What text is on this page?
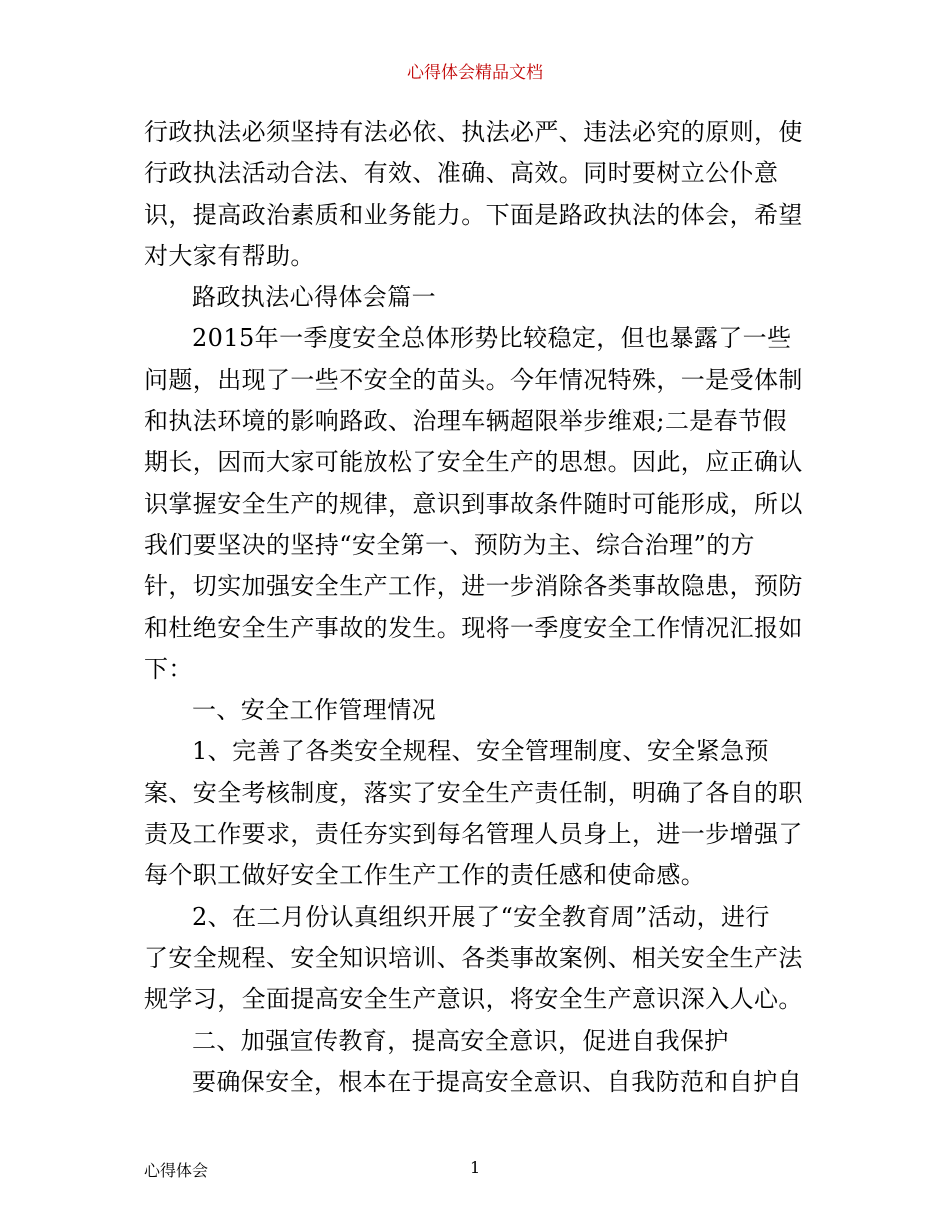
心得体会精品文档
行政执法必须坚持有法必依、执法必严、违法必究的原则，使
行政执法活动合法、有效、准确、高效。同时要树立公仆意
识，提高政治素质和业务能力。下面是路政执法的体会，希望
对大家有帮助。
路政执法心得体会篇一
2015年一季度安全总体形势比较稳定，但也暴露了一些
问题，出现了一些不安全的苗头。今年情况特殊，一是受体制
和执法环境的影响路政、治理车辆超限举步维艰;二是春节假
期长，因而大家可能放松了安全生产的思想。因此，应正确认
识掌握安全生产的规律，意识到事故条件随时可能形成，所以
我们要坚决的坚持“安全第一、预防为主、综合治理”的方
针，切实加强安全生产工作，进一步消除各类事故隐患，预防
和杜绝安全生产事故的发生。现将一季度安全工作情况汇报如
下：
一、安全工作管理情况
1、完善了各类安全规程、安全管理制度、安全紧急预
案、安全考核制度，落实了安全生产责任制，明确了各自的职
责及工作要求，责任夯实到每名管理人员身上，进一步增强了
每个职工做好安全工作生产工作的责任感和使命感。
2、在二月份认真组织开展了“安全教育周”活动，进行
了安全规程、安全知识培训、各类事故案例、相关安全生产法
规学习，全面提高安全生产意识，将安全生产意识深入人心。
二、加强宣传教育，提高安全意识，促进自我保护
要确保安全，根本在于提高安全意识、自我防范和自护自
心得体会	1
